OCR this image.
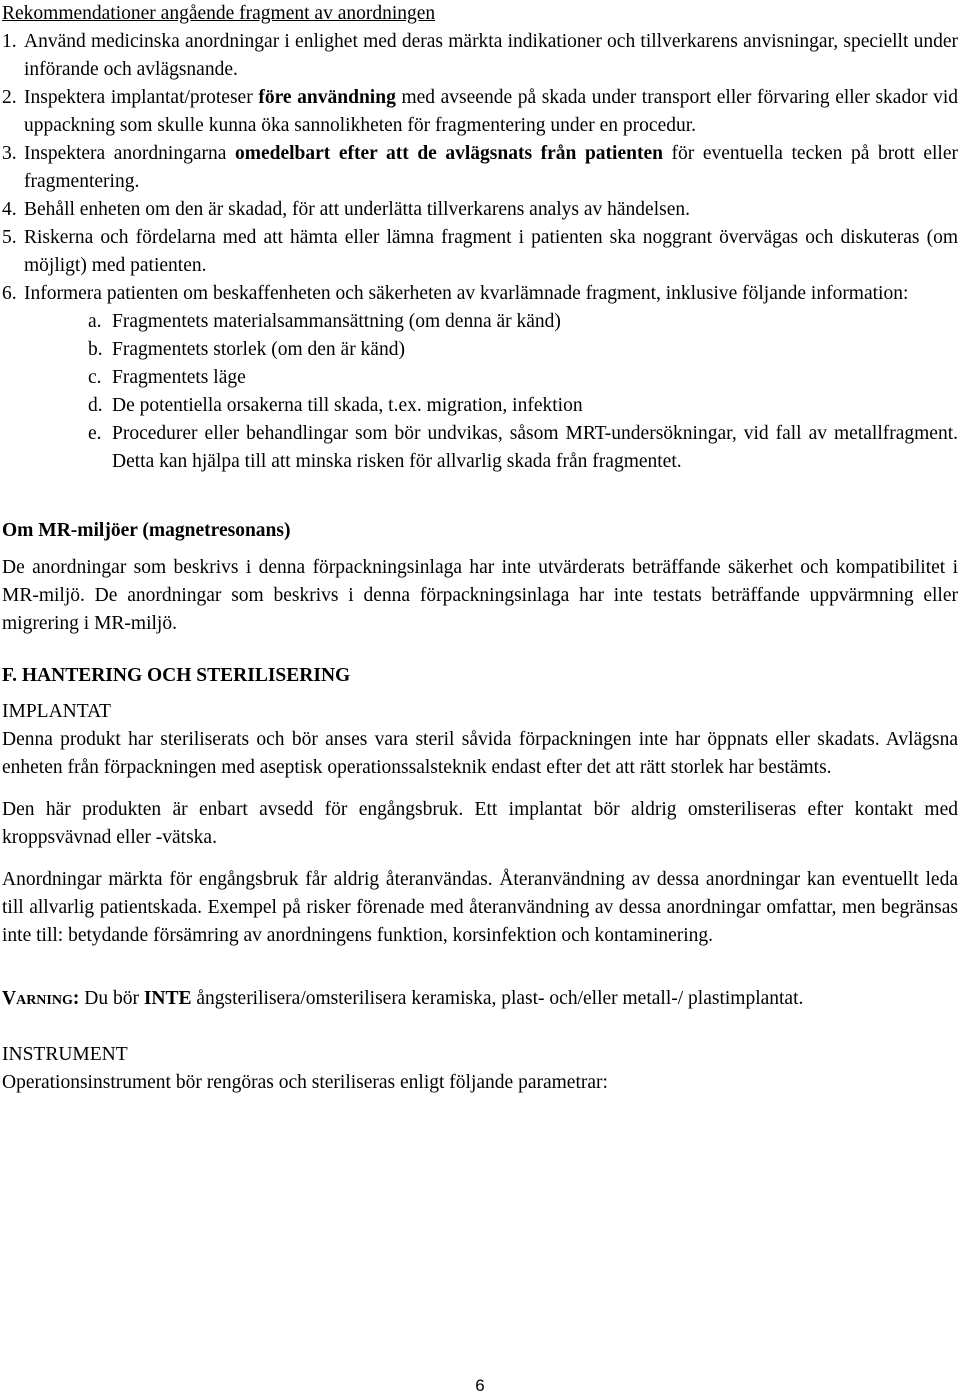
Rekommendationer angående fragment av anordningen

1. Använd medicinska anordningar i enlighet med deras märkta indikationer och tillverkarens anvisningar, speciellt under införande och avlägsnande.
2. Inspektera implantat/proteser före användning med avseende på skada under transport eller förvaring eller skador vid uppackning som skulle kunna öka sannolikheten för fragmentering under en procedur.
3. Inspektera anordningarna omedelbart efter att de avlägsnats från patienten för eventuella tecken på brott eller fragmentering.
4. Behåll enheten om den är skadad, för att underlätta tillverkarens analys av händelsen.
5. Riskerna och fördelarna med att hämta eller lämna fragment i patienten ska noggrant övervägas och diskuteras (om möjligt) med patienten.
6. Informera patienten om beskaffenheten och säkerheten av kvarlämnade fragment, inklusive följande information:
a. Fragmentets materialsammansättning (om denna är känd)
b. Fragmentets storlek (om den är känd)
c. Fragmentets läge
d. De potentiella orsakerna till skada, t.ex. migration, infektion
e. Procedurer eller behandlingar som bör undvikas, såsom MRT-undersökningar, vid fall av metallfragment. Detta kan hjälpa till att minska risken för allvarlig skada från fragmentet.

Om MR-miljöer (magnetresonans)

De anordningar som beskrivs i denna förpackningsinlaga har inte utvärderats beträffande säkerhet och kompatibilitet i MR-miljö. De anordningar som beskrivs i denna förpackningsinlaga har inte testats beträffande uppvärmning eller migrering i MR-miljö.

F. HANTERING OCH STERILISERING

IMPLANTAT

Denna produkt har steriliserats och bör anses vara steril såvida förpackningen inte har öppnats eller skadats. Avlägsna enheten från förpackningen med aseptisk operationssalsteknik endast efter det att rätt storlek har bestämts.

Den här produkten är enbart avsedd för engångsbruk. Ett implantat bör aldrig omsteriliseras efter kontakt med kroppsvävnad eller -vätska.

Anordningar märkta för engångsbruk får aldrig återanvändas. Återanvändning av dessa anordningar kan eventuellt leda till allvarlig patientskada. Exempel på risker förenade med återanvändning av dessa anordningar omfattar, men begränsas inte till: betydande försämring av anordningens funktion, korsinfektion och kontaminering.

Varning: Du bör INTE ångsterilisera/omsterilisera keramiska, plast- och/eller metall-/ plastimplantat.

INSTRUMENT

Operationsinstrument bör rengöras och steriliseras enligt följande parametrar:

6
